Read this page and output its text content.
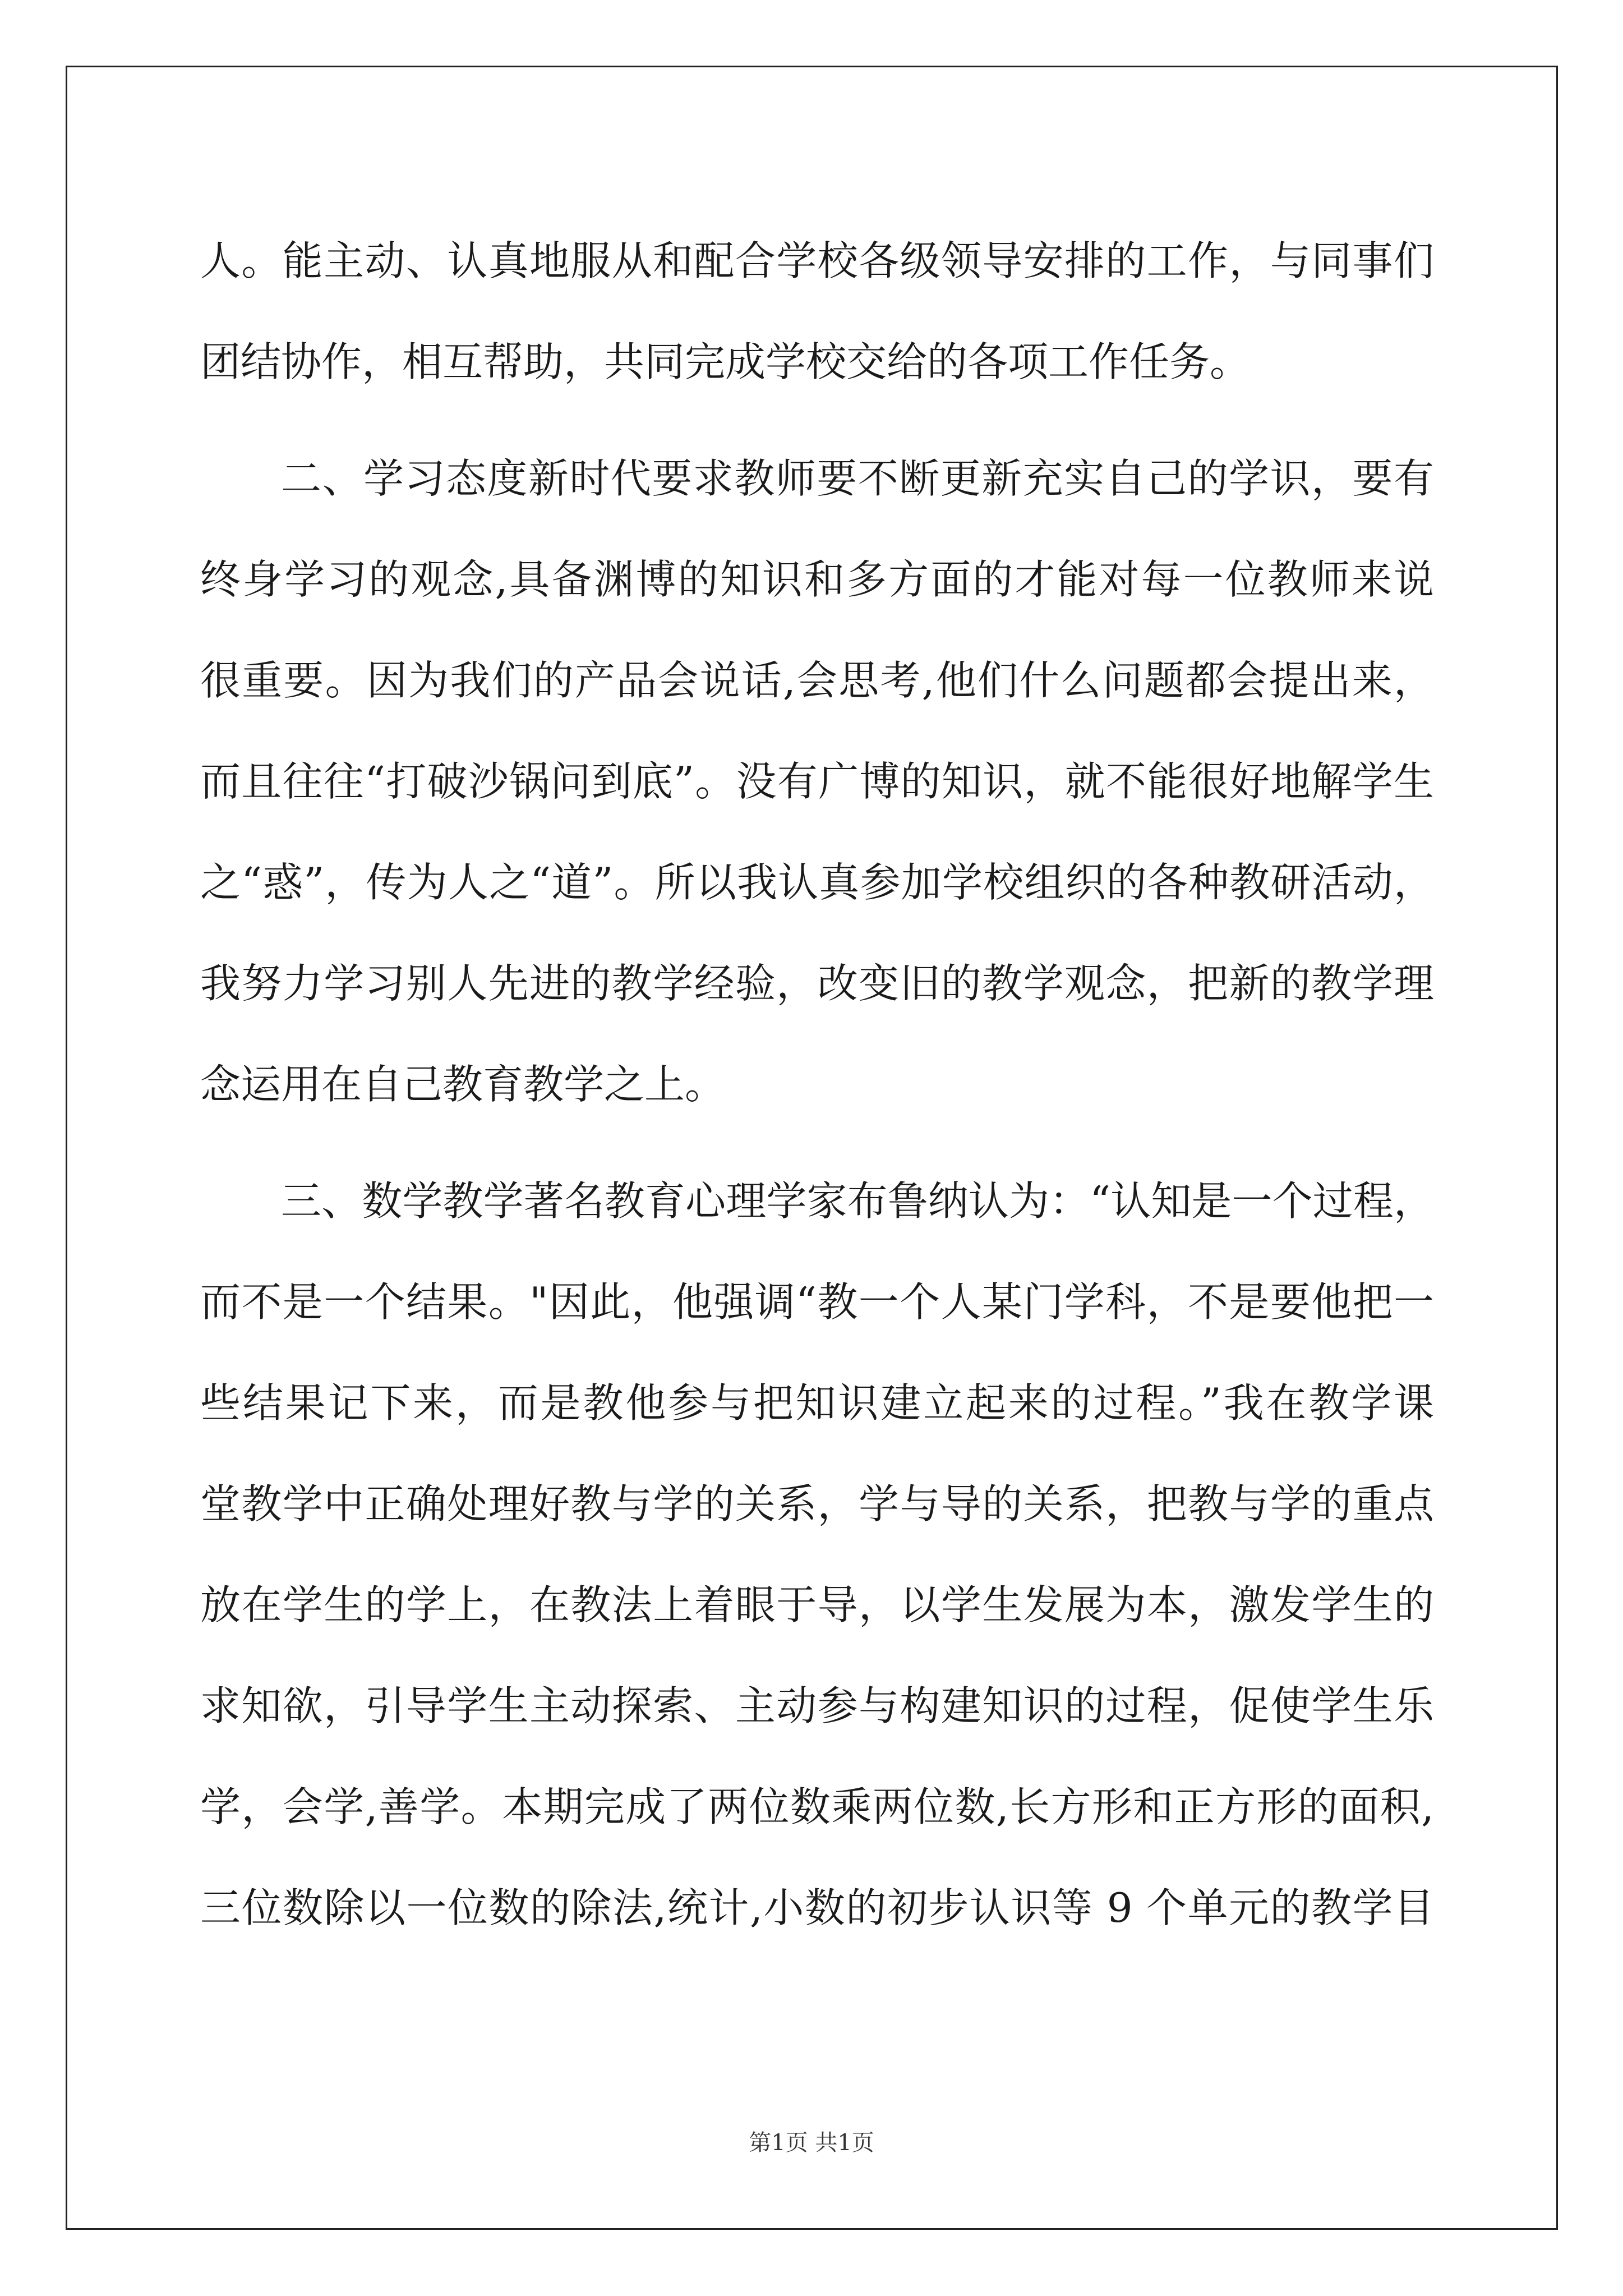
人。能主动、认真地服从和配合学校各级领导安排的工作，与同事们
团结协作，相互帮助，共同完成学校交给的各项工作任务。
二、学习态度新时代要求教师要不断更新充实自己的学识，要有
终身学习的观念,具备渊博的知识和多方面的才能对每一位教师来说
很重要。因为我们的产品会说话,会思考,他们什么问题都会提出来，
而且往往“打破沙锅问到底”。没有广博的知识，就不能很好地解学生
之“惑”，传为人之“道”。所以我认真参加学校组织的各种教研活动，
我努力学习别人先进的教学经验，改变旧的教学观念，把新的教学理
念运用在自己教育教学之上。
三、数学教学著名教育心理学家布鲁纳认为：“认知是一个过程，
而不是一个结果。"因此，他强调“教一个人某门学科，不是要他把一
些结果记下来，而是教他参与把知识建立起来的过程。”我在教学课
堂教学中正确处理好教与学的关系，学与导的关系，把教与学的重点
放在学生的学上，在教法上着眼于导，以学生发展为本，激发学生的
求知欲，引导学生主动探索、主动参与构建知识的过程，促使学生乐
学，会学,善学。本期完成了两位数乘两位数,长方形和正方形的面积,
三位数除以一位数的除法,统计,小数的初步认识等 9 个单元的教学目
第1页 共1页
